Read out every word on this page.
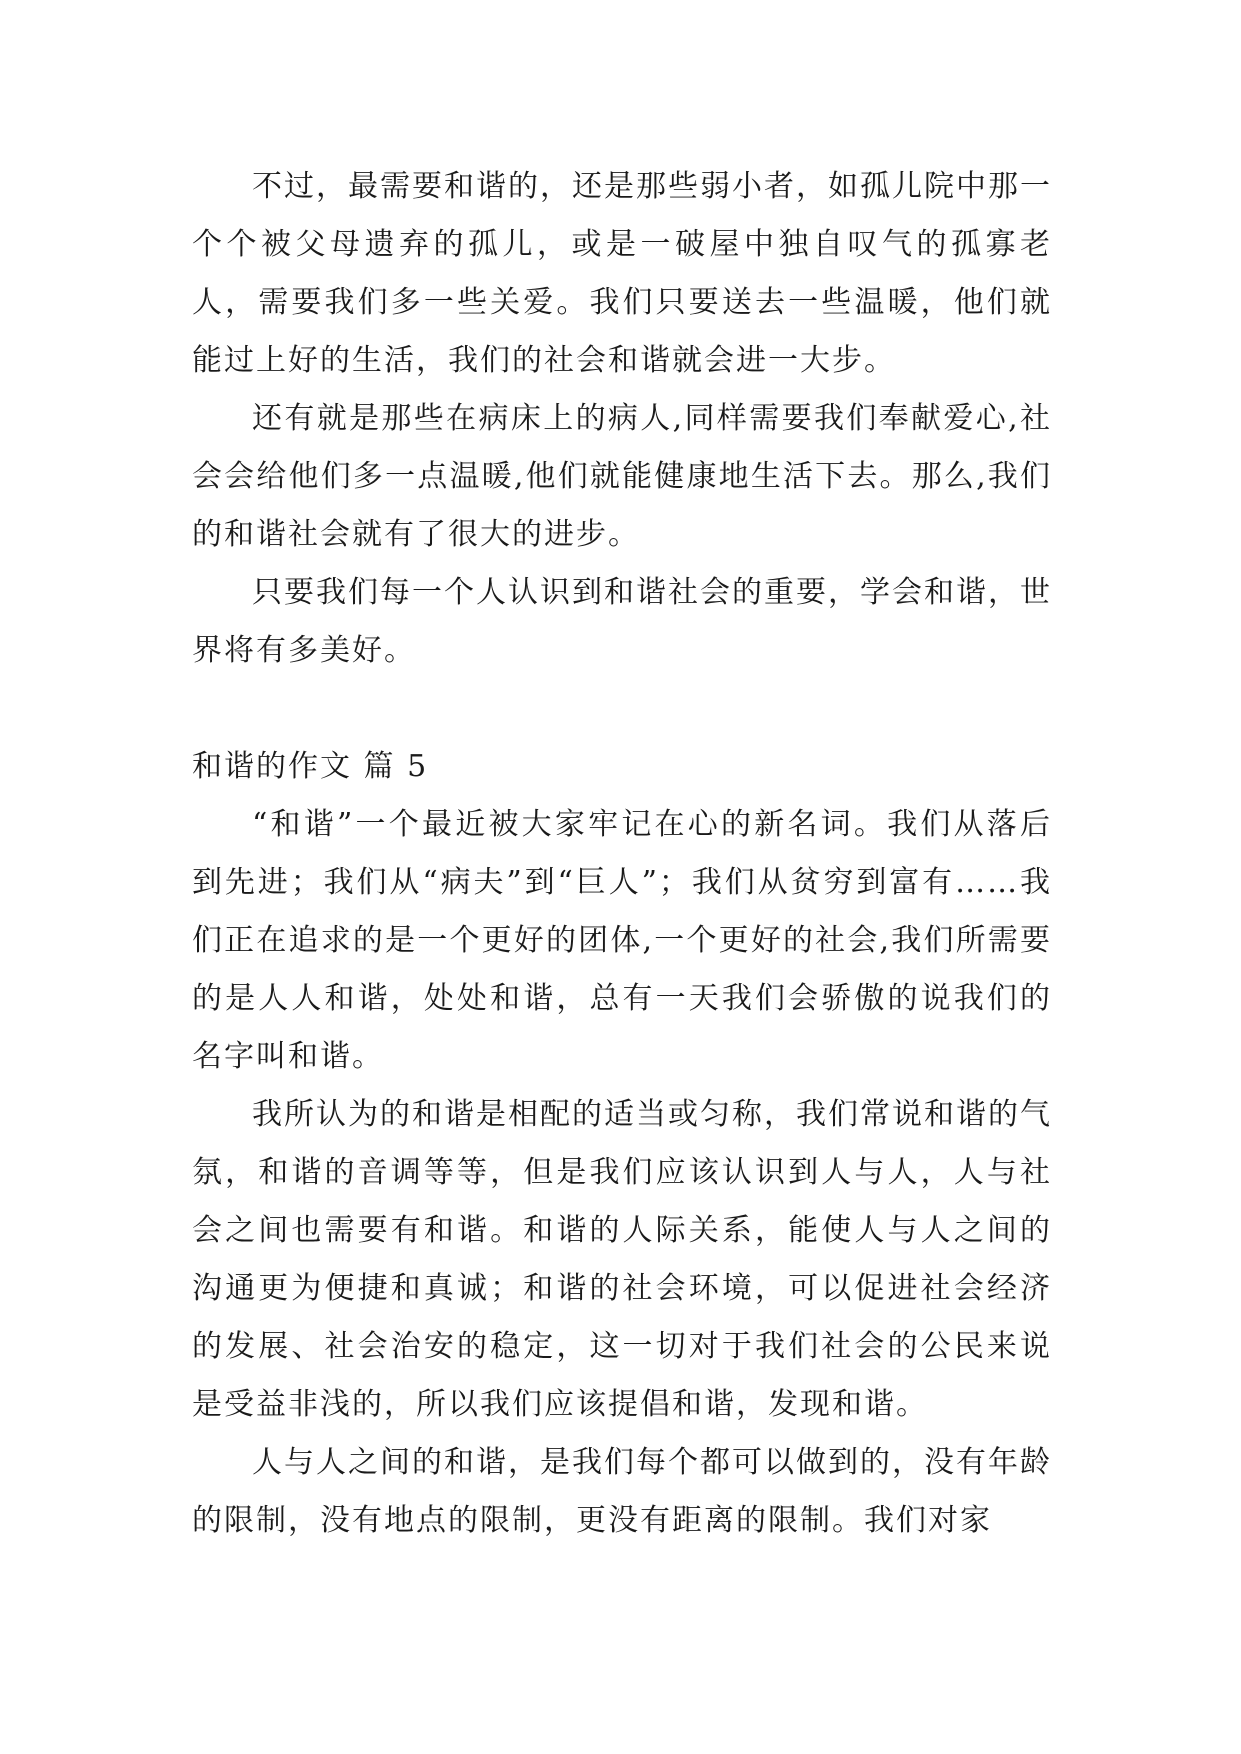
不过，最需要和谐的，还是那些弱小者，如孤儿院中那一个个被父母遗弃的孤儿，或是一破屋中独自叹气的孤寡老人，需要我们多一些关爱。我们只要送去一些温暖，他们就能过上好的生活，我们的社会和谐就会进一大步。

还有就是那些在病床上的病人,同样需要我们奉献爱心,社会会给他们多一点温暖,他们就能健康地生活下去。那么,我们的和谐社会就有了很大的进步。

只要我们每一个人认识到和谐社会的重要，学会和谐，世界将有多美好。

和谐的作文 篇 5

“和谐”一个最近被大家牢记在心的新名词。我们从落后到先进；我们从“病夫”到“巨人”；我们从贫穷到富有……我们正在追求的是一个更好的团体,一个更好的社会,我们所需要的是人人和谐，处处和谐，总有一天我们会骄傲的说我们的名字叫和谐。

我所认为的和谐是相配的适当或匀称，我们常说和谐的气氛，和谐的音调等等，但是我们应该认识到人与人，人与社会之间也需要有和谐。和谐的人际关系，能使人与人之间的沟通更为便捷和真诚；和谐的社会环境，可以促进社会经济的发展、社会治安的稳定，这一切对于我们社会的公民来说是受益非浅的，所以我们应该提倡和谐，发现和谐。

人与人之间的和谐，是我们每个都可以做到的，没有年龄的限制，没有地点的限制，更没有距离的限制。我们对家
